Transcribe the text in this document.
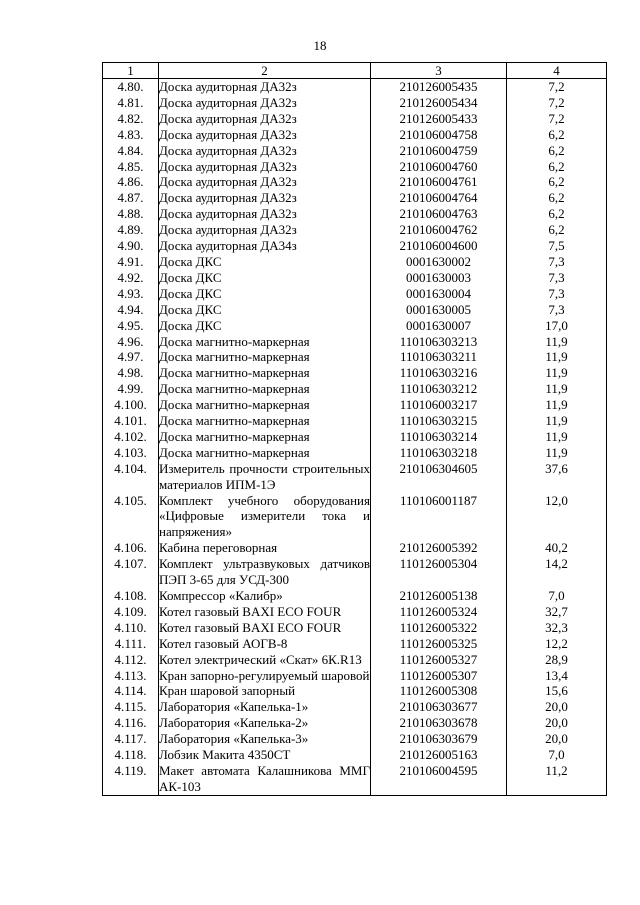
18
1	2	3	4
4.80.	Доска аудиторная ДА32з	210126005435	7,2
4.81.	Доска аудиторная ДА32з	210126005434	7,2
4.82.	Доска аудиторная ДА32з	210126005433	7,2
4.83.	Доска аудиторная ДА32з	210106004758	6,2
4.84.	Доска аудиторная ДА32з	210106004759	6,2
4.85.	Доска аудиторная ДА32з	210106004760	6,2
4.86.	Доска аудиторная ДА32з	210106004761	6,2
4.87.	Доска аудиторная ДА32з	210106004764	6,2
4.88.	Доска аудиторная ДА32з	210106004763	6,2
4.89.	Доска аудиторная ДА32з	210106004762	6,2
4.90.	Доска аудиторная ДА34з	210106004600	7,5
4.91.	Доска ДКС	0001630002	7,3
4.92.	Доска ДКС	0001630003	7,3
4.93.	Доска ДКС	0001630004	7,3
4.94.	Доска ДКС	0001630005	7,3
4.95.	Доска ДКС	0001630007	17,0
4.96.	Доска магнитно-маркерная	110106303213	11,9
4.97.	Доска магнитно-маркерная	110106303211	11,9
4.98.	Доска магнитно-маркерная	110106303216	11,9
4.99.	Доска магнитно-маркерная	110106303212	11,9
4.100.	Доска магнитно-маркерная	110106003217	11,9
4.101.	Доска магнитно-маркерная	110106303215	11,9
4.102.	Доска магнитно-маркерная	110106303214	11,9
4.103.	Доска магнитно-маркерная	110106303218	11,9
4.104.	Измеритель прочности строительных материалов ИПМ-1Э	210106304605	37,6
4.105.	Комплект учебного оборудования «Цифровые измерители тока и напряжения»	110106001187	12,0
4.106.	Кабина переговорная	210126005392	40,2
4.107.	Комплект ультразвуковых датчиков ПЭП 3-65 для УСД-300	110126005304	14,2
4.108.	Компрессор «Калибр»	210126005138	7,0
4.109.	Котел газовый BAXI ECO FOUR	110126005324	32,7
4.110.	Котел газовый BAXI ECO FOUR	110126005322	32,3
4.111.	Котел газовый АОГВ-8	110126005325	12,2
4.112.	Котел электрический «Скат» 6К.R13	110126005327	28,9
4.113.	Кран запорно-регулируемый шаровой	110126005307	13,4
4.114.	Кран шаровой запорный	110126005308	15,6
4.115.	Лаборатория «Капелька-1»	210106303677	20,0
4.116.	Лаборатория «Капелька-2»	210106303678	20,0
4.117.	Лаборатория «Капелька-3»	210106303679	20,0
4.118.	Лобзик Макита 4350СТ	210126005163	7,0
4.119.	Макет автомата Калашникова ММГ АК-103	210106004595	11,2
